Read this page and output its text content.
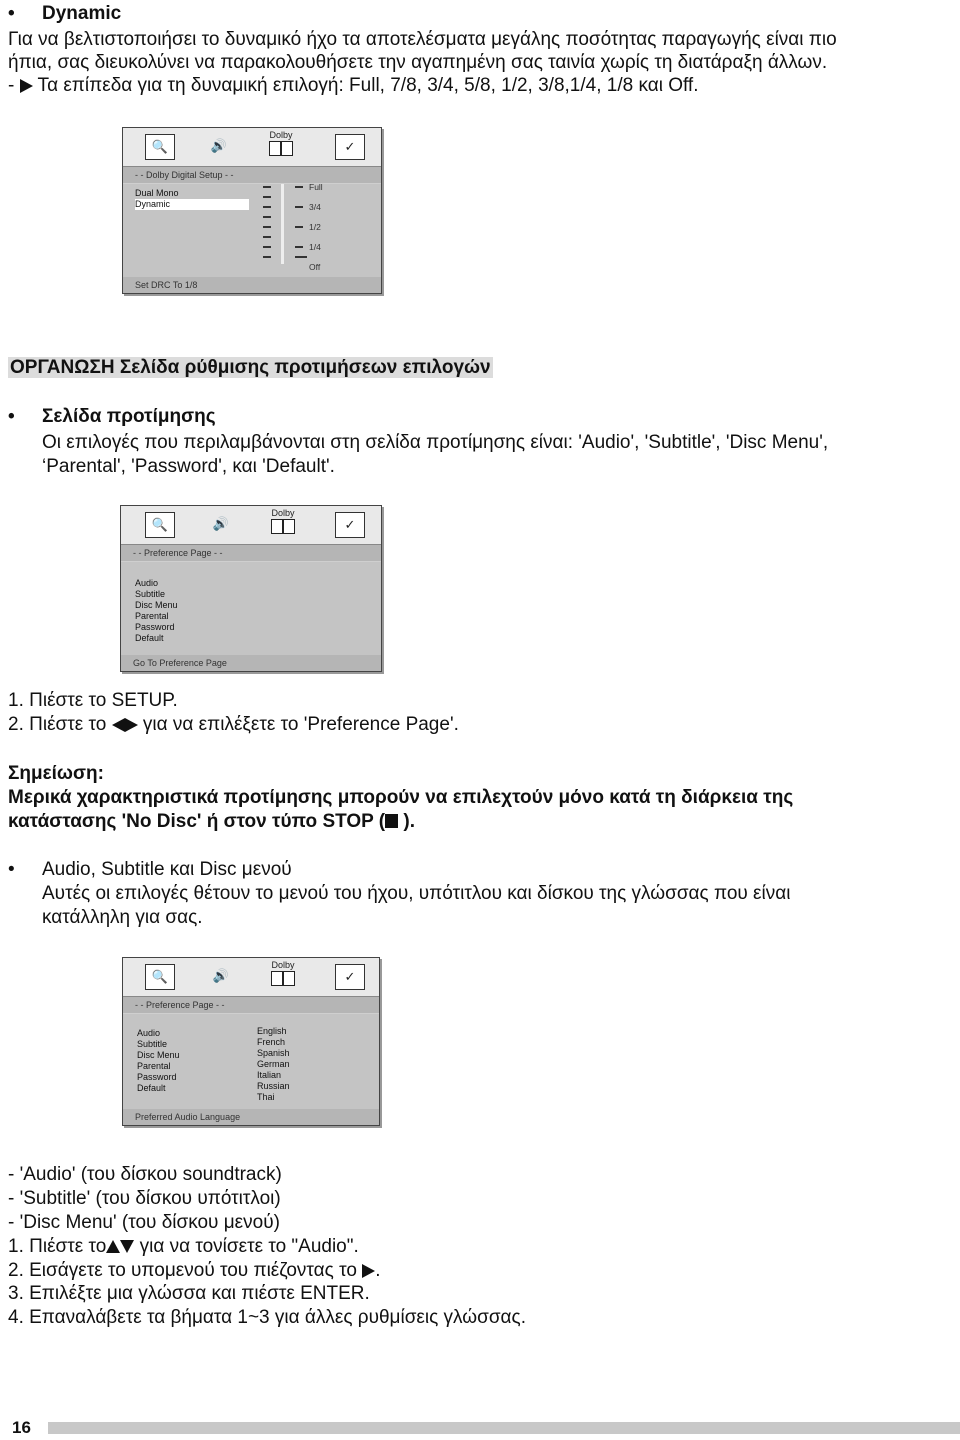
• Dynamic
Για να βελτιστοποιήσει το δυναμικό ήχο τα αποτελέσματα μεγάλης ποσότητας παραγωγής είναι πιο
ήπια, σας διευκολύνει να παρακολουθήσετε την αγαπημένη σας ταινία χωρίς τη διατάραξη άλλων.
- Τα επίπεδα για τη δυναμική επιλογή: Full, 7/8, 3/4, 5/8, 1/2, 3/8,1/4, 1/8 και Off.
🔍	🔊
Dolby
✓
- - Dolby Digital Setup - -
Dual Mono
Dynamic
Full
3/4
1/2
1/4
Off
Set DRC To 1/8
ΟΡΓΑΝΩΣΗ Σελίδα ρύθμισης προτιμήσεων επιλογών
• Σελίδα προτίμησης
Οι επιλογές που περιλαμβάνονται στη σελίδα προτίμησης είναι: 'Audio', 'Subtitle', 'Disc Menu',
‘Parental', 'Password', και 'Default'.
🔍	🔊
Dolby
✓
- - Preference Page - -
Audio
Subtitle
Disc Menu
Parental
Password
Default
Go To Preference Page
1. Πιέστε το SETUP.
2. Πιέστε το για να επιλέξετε το 'Preference Page'.
Σημείωση:
Μερικά χαρακτηριστικά προτίμησης μπορούν να επιλεχτούν μόνο κατά τη διάρκεια της
κατάστασης 'No Disc' ή στον τύπο STOP ( ).
• Audio, Subtitle και Disc μενού
Αυτές οι επιλογές θέτουν το μενού του ήχου, υπότιτλου και δίσκου της γλώσσας που είναι
κατάλληλη για σας.
🔍	🔊
Dolby
✓
- - Preference Page - -
Audio
Subtitle
Disc Menu
Parental
Password
Default
English
French
Spanish
German
Italian
Russian
Thai
Preferred Audio Language
- 'Audio' (του δίσκου soundtrack)
- 'Subtitle' (του δίσκου υπότιτλοι)
- 'Disc Menu' (του δίσκου μενού)
1. Πιέστε το για να τονίσετε το "Audio".
2. Εισάγετε το υπομενού του πιέζοντας το .
3. Επιλέξτε μια γλώσσα και πιέστε ENTER.
4. Επαναλάβετε τα βήματα 1~3 για άλλες ρυθμίσεις γλώσσας.
16
